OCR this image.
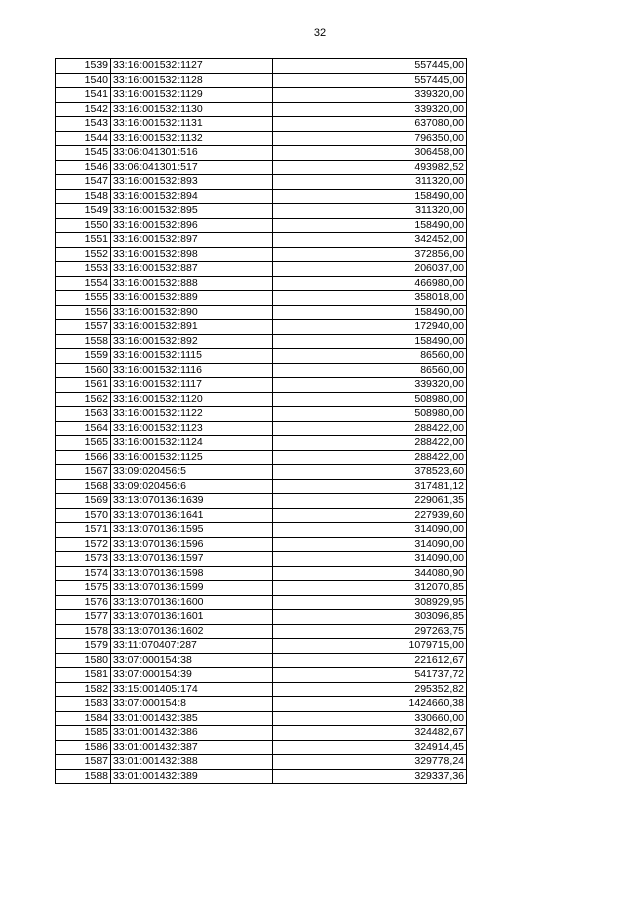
32
1539	33:16:001532:1127	557445,00
1540	33:16:001532:1128	557445,00
1541	33:16:001532:1129	339320,00
1542	33:16:001532:1130	339320,00
1543	33:16:001532:1131	637080,00
1544	33:16:001532:1132	796350,00
1545	33:06:041301:516	306458,00
1546	33:06:041301:517	493982,52
1547	33:16:001532:893	311320,00
1548	33:16:001532:894	158490,00
1549	33:16:001532:895	311320,00
1550	33:16:001532:896	158490,00
1551	33:16:001532:897	342452,00
1552	33:16:001532:898	372856,00
1553	33:16:001532:887	206037,00
1554	33:16:001532:888	466980,00
1555	33:16:001532:889	358018,00
1556	33:16:001532:890	158490,00
1557	33:16:001532:891	172940,00
1558	33:16:001532:892	158490,00
1559	33:16:001532:1115	86560,00
1560	33:16:001532:1116	86560,00
1561	33:16:001532:1117	339320,00
1562	33:16:001532:1120	508980,00
1563	33:16:001532:1122	508980,00
1564	33:16:001532:1123	288422,00
1565	33:16:001532:1124	288422,00
1566	33:16:001532:1125	288422,00
1567	33:09:020456:5	378523,60
1568	33:09:020456:6	317481,12
1569	33:13:070136:1639	229061,35
1570	33:13:070136:1641	227939,60
1571	33:13:070136:1595	314090,00
1572	33:13:070136:1596	314090,00
1573	33:13:070136:1597	314090,00
1574	33:13:070136:1598	344080,90
1575	33:13:070136:1599	312070,85
1576	33:13:070136:1600	308929,95
1577	33:13:070136:1601	303096,85
1578	33:13:070136:1602	297263,75
1579	33:11:070407:287	1079715,00
1580	33:07:000154:38	221612,67
1581	33:07:000154:39	541737,72
1582	33:15:001405:174	295352,82
1583	33:07:000154:8	1424660,38
1584	33:01:001432:385	330660,00
1585	33:01:001432:386	324482,67
1586	33:01:001432:387	324914,45
1587	33:01:001432:388	329778,24
1588	33:01:001432:389	329337,36
